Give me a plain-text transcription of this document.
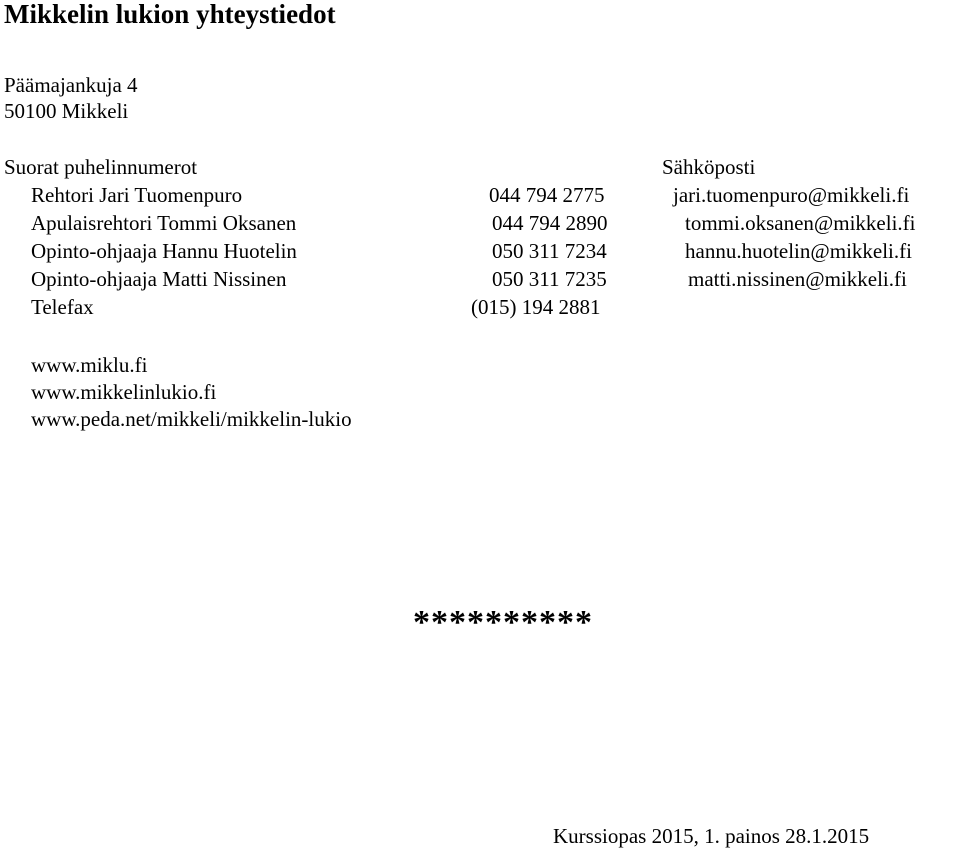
Mikkelin lukion yhteystiedot
Päämajankuja 4
50100 Mikkeli
Suorat puhelinnumerot	Sähköposti
Rehtori Jari Tuomenpuro	044 794 2775	jari.tuomenpuro@mikkeli.fi
Apulaisrehtori Tommi Oksanen	044 794 2890	tommi.oksanen@mikkeli.fi
Opinto-ohjaaja Hannu Huotelin	050 311 7234	hannu.huotelin@mikkeli.fi
Opinto-ohjaaja Matti Nissinen	050 311 7235	matti.nissinen@mikkeli.fi
Telefax	(015) 194 2881
www.miklu.fi
www.mikkelinlukio.fi
www.peda.net/mikkeli/mikkelin-lukio
**********
Kurssiopas 2015, 1. painos 28.1.2015
